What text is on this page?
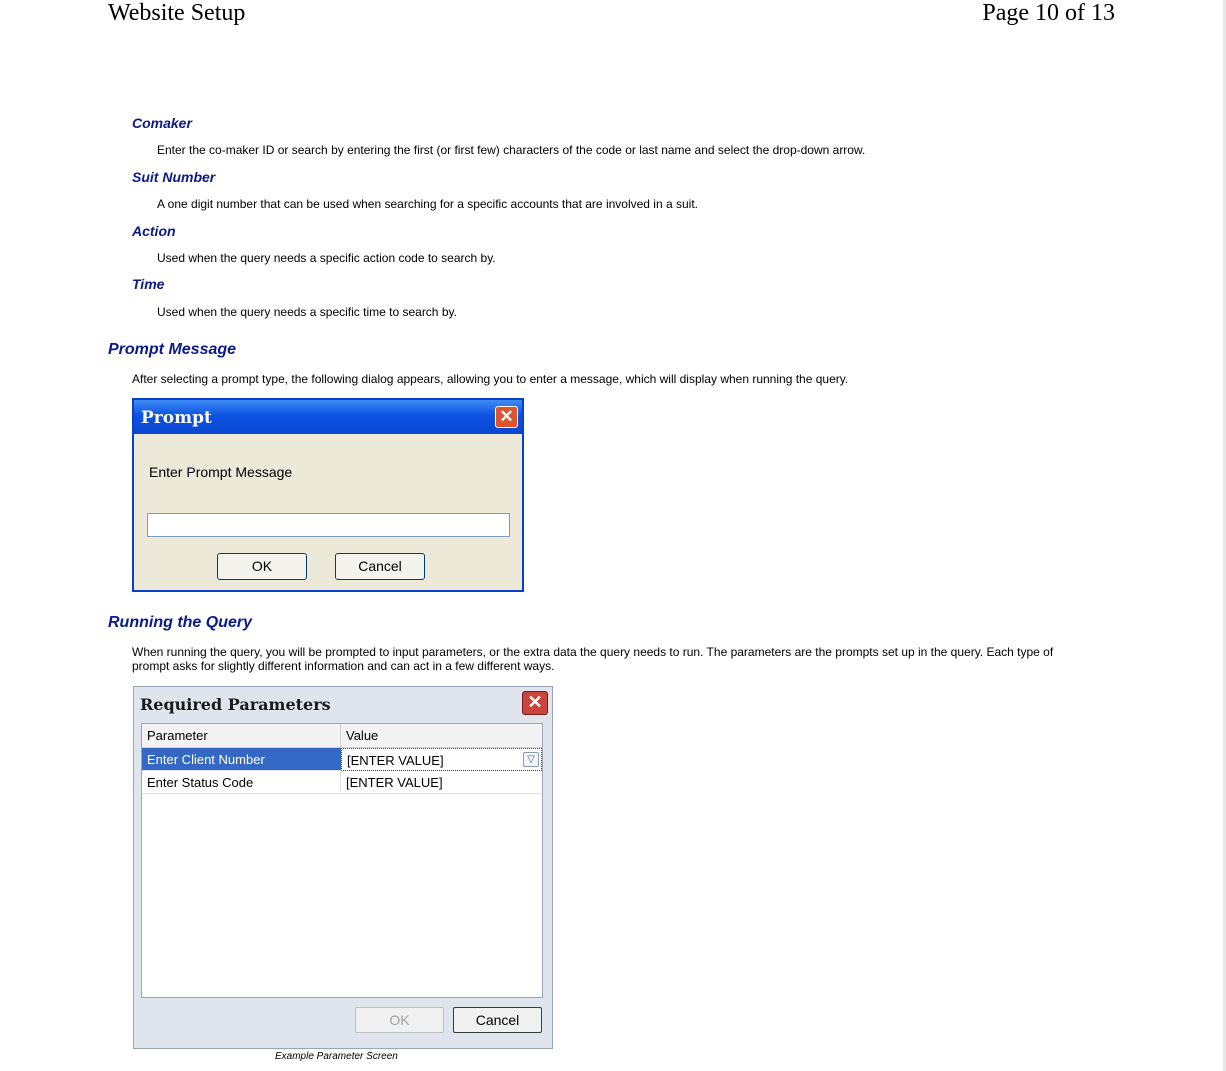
Website Setup	Page 10 of 13
Comaker
Enter the co-maker ID or search by entering the first (or first few) characters of the code or last name and select the drop-down arrow.
Suit Number
A one digit number that can be used when searching for a specific accounts that are involved in a suit.
Action
Used when the query needs a specific action code to search by.
Time
Used when the query needs a specific time to search by.
Prompt Message
After selecting a prompt type, the following dialog appears, allowing you to enter a message, which will display when running the query.
Prompt	✕
Enter Prompt Message
OK	Cancel
Running the Query
When running the query, you will be prompted to input parameters, or the extra data the query needs to run. The parameters are the prompts set up in the query. Each type of prompt asks for slightly different information and can act in a few different ways.
Required Parameters	✕
Parameter	Value
Enter Client Number	[ENTER VALUE]	▽
Enter Status Code	[ENTER VALUE]
OK	Cancel
Example Parameter Screen
